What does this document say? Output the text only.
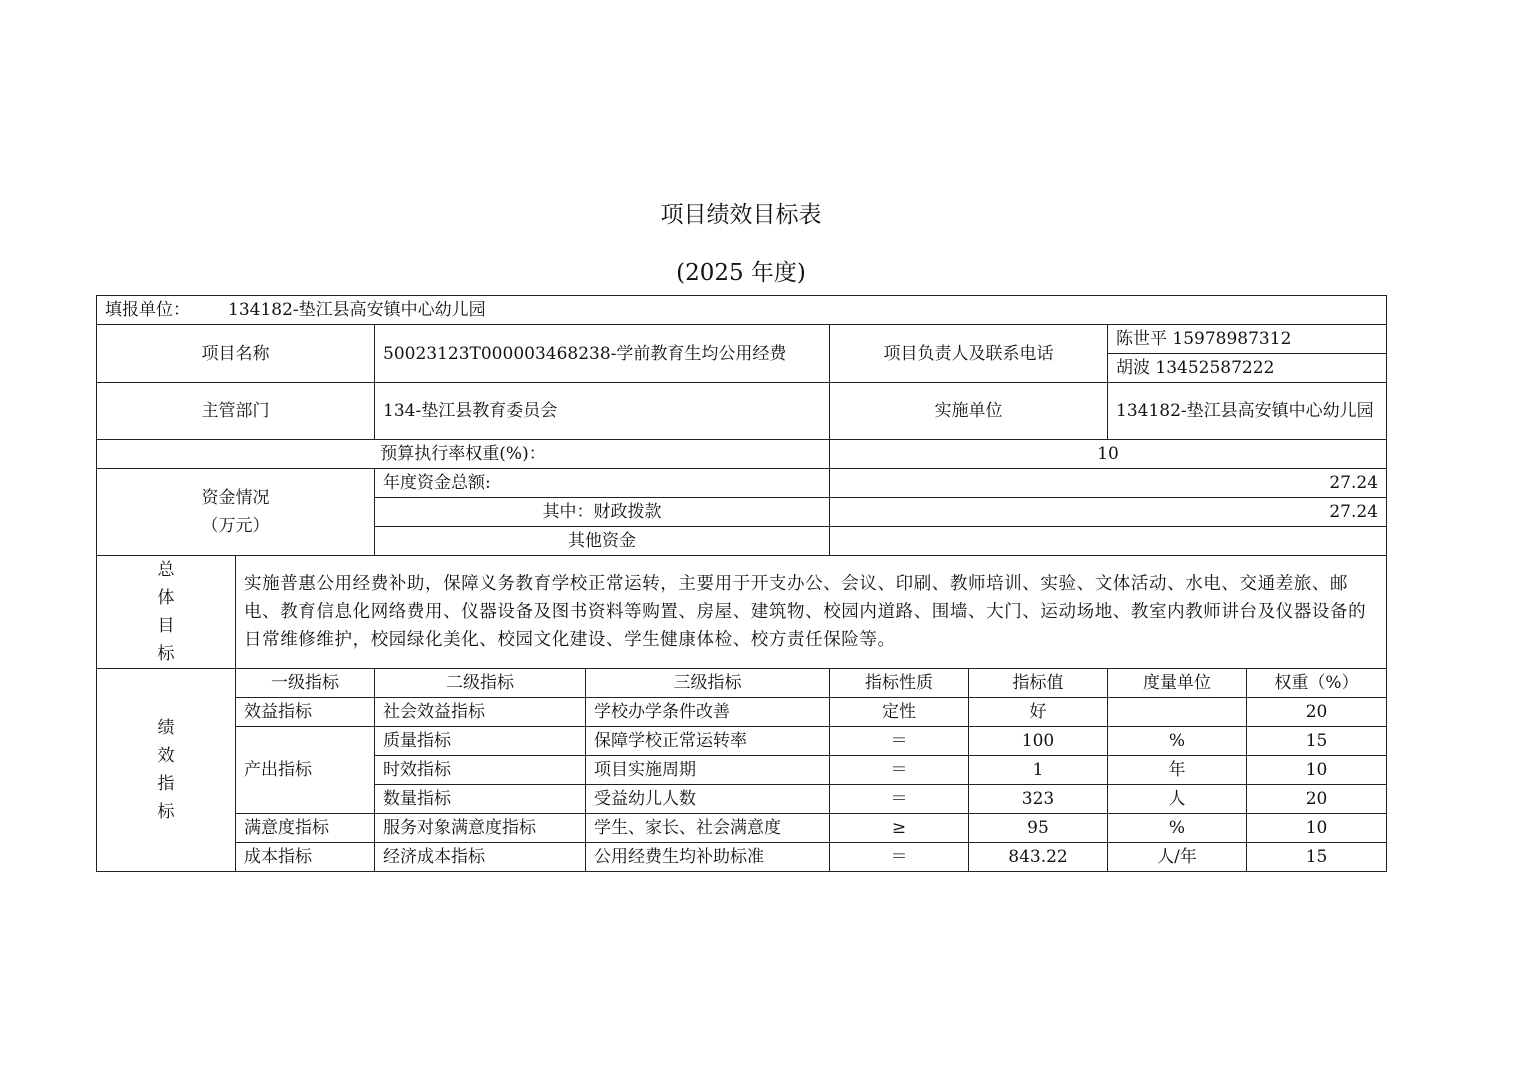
项目绩效目标表
(2025 年度)
填报单位： 134182-垫江县高安镇中心幼儿园							
项目名称		50023123T000003468238-学前教育生均公用经费		项目负责人及联系电话		陈世平 15978987312	
						胡波 13452587222	
主管部门		134-垫江县教育委员会		实施单位		134182-垫江县高安镇中心幼儿园	
预算执行率权重(%)：				10			

资金情况
（万元）		年度资金总额:		27.24			
		其中：财政拨款		27.24			
		其他资金					

总
体
目
标	实施普惠公用经费补助，保障义务教育学校正常运转，主要用于开支办公、会议、印刷、教师培训、实验、文体活动、水电、交通差旅、邮电、教育信息化网络费用、仪器设备及图书资料等购置、房屋、建筑物、校园内道路、围墙、大门、运动场地、教室内教师讲台及仪器设备的日常维修维护，校园绿化美化、校园文化建设、学生健康体检、校方责任保险等。						

绩
效
指
标	一级指标	二级指标	三级指标	指标性质	指标值	度量单位	权重（%）
	效益指标	社会效益指标	学校办学条件改善	定性	好		20
	产出指标	质量指标	保障学校正常运转率	＝	100	%	15
		时效指标	项目实施周期	＝	1	年	10
		数量指标	受益幼儿人数	＝	323	人	20
	满意度指标	服务对象满意度指标	学生、家长、社会满意度	≥	95	%	10
	成本指标	经济成本指标	公用经费生均补助标准	＝	843.22	人/年	15
